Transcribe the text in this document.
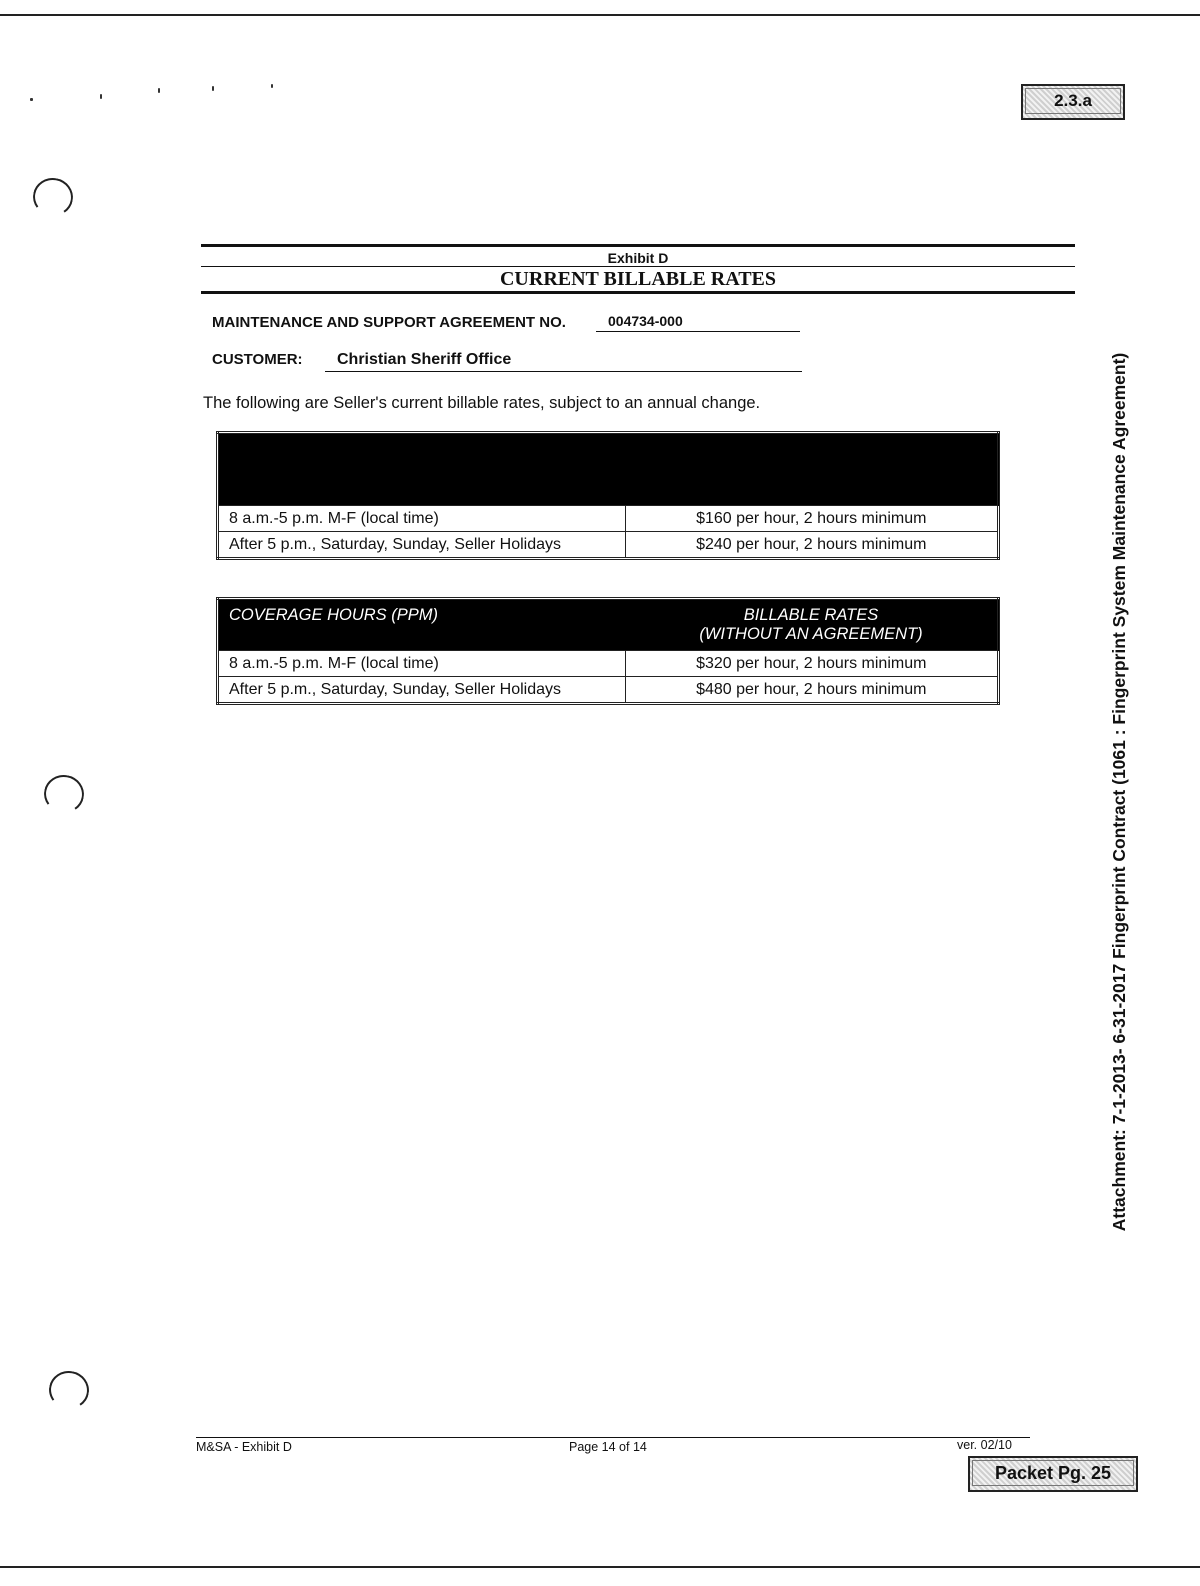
2.3.a
Exhibit D
CURRENT BILLABLE RATES
MAINTENANCE AND SUPPORT AGREEMENT NO.	004734-000
CUSTOMER:	Christian Sheriff Office
The following are Seller's current billable rates, subject to an annual change.

8 a.m.-5 p.m. M-F (local time)	$160 per hour, 2 hours minimum
After 5 p.m., Saturday, Sunday, Seller Holidays	$240 per hour, 2 hours minimum
COVERAGE HOURS (PPM)	BILLABLE RATES
(WITHOUT AN AGREEMENT)

8 a.m.-5 p.m. M-F (local time)	$320 per hour, 2 hours minimum
After 5 p.m., Saturday, Sunday, Seller Holidays	$480 per hour, 2 hours minimum	Attachment: 7-1-2013- 6-31-2017 Fingerprint Contract (1061 : Fingerprint System Maintenance Agreement)
M&SA - Exhibit D	Page 14 of 14	ver. 02/10
Packet Pg. 25
